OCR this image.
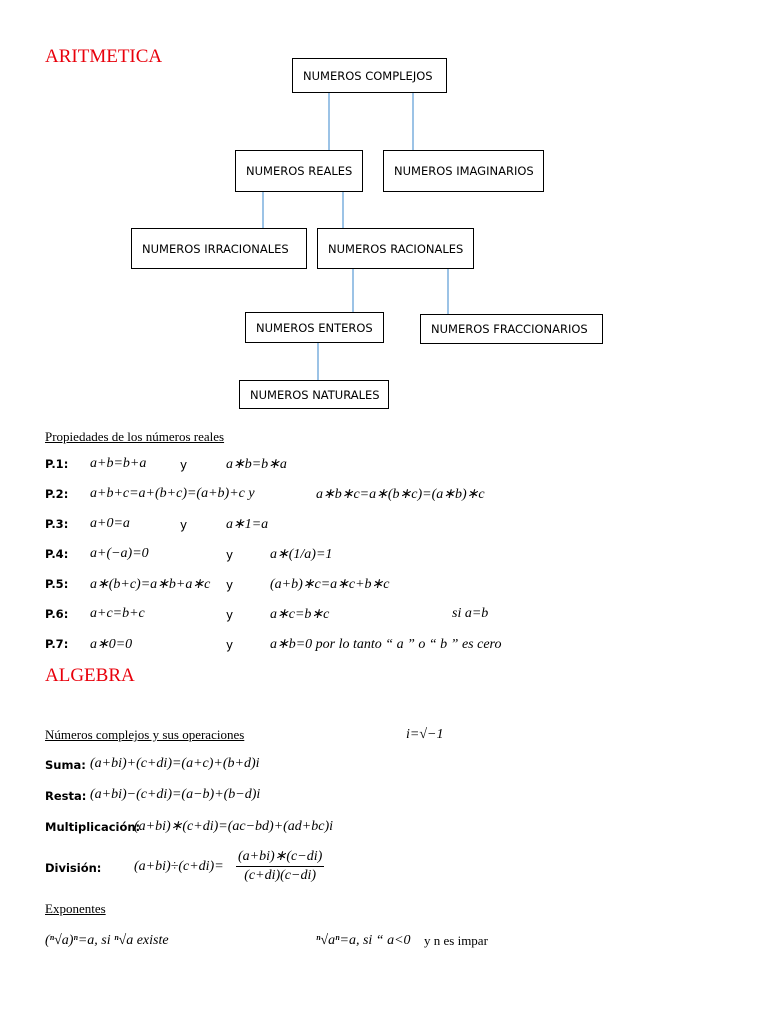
ARITMETICA
NUMEROS COMPLEJOS
NUMEROS REALES	NUMEROS IMAGINARIOS
NUMEROS IRRACIONALES	NUMEROS RACIONALES
NUMEROS ENTEROS	NUMEROS FRACCIONARIOS
NUMEROS NATURALES
Propiedades de los números reales
P.1: a+b=b+a	y	a∗b=b∗a
P.2: a+b+c=a+(b+c)=(a+b)+c y	a∗b∗c=a∗(b∗c)=(a∗b)∗c
P.3: a+0=a	y	a∗1=a
P.4: a+(−a)=0	y	a∗(1/a)=1
P.5: a∗(b+c)=a∗b+a∗c y	(a+b)∗c=a∗c+b∗c
P.6: a+c=b+c	y	a∗c=b∗c	si a=b
P.7: a∗0=0	y	a∗b=0 por lo tanto “ a ” o “ b ” es cero
ALGEBRA
Números complejos y sus operaciones	i=√−1
Suma: (a+bi)+(c+di)=(a+c)+(b+d)i
Resta: (a+bi)−(c+di)=(a−b)+(b−d)i
Multiplicación:
(a+bi)∗(c+di)=(ac−bd)+(ad+bc)i
División: $(a+bi)\div(c+di)= \frac{(a+bi)∗(c-di)}{(c+di)(c-di)}$
Exponentes
(ⁿ√a)ⁿ=a, si ⁿ√a existe	ⁿ√aⁿ=a, si “ a<0 y n es impar
